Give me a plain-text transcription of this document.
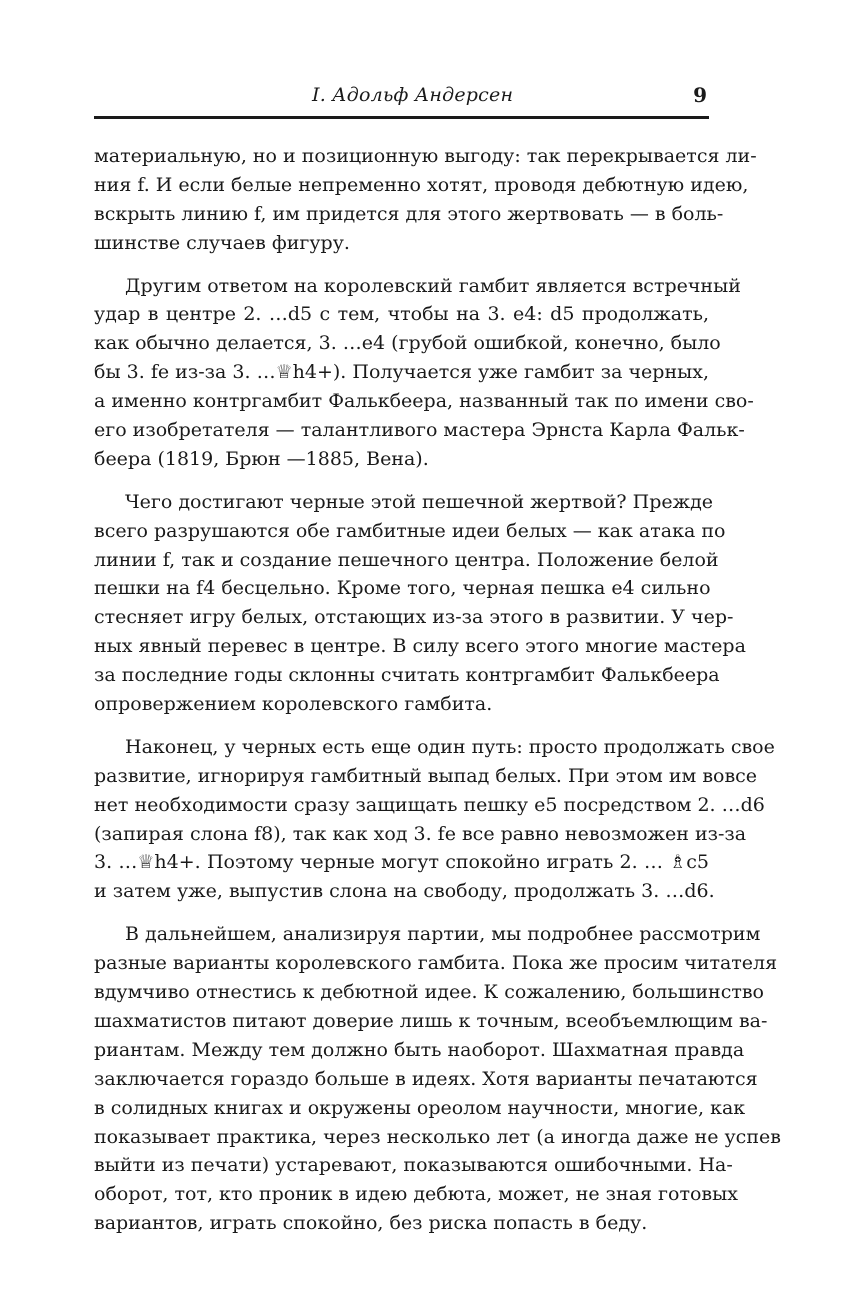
I. Адольф Андерсен	9

материальную, но и позиционную выгоду: так перекрывается ли-
ния f. И если белые непременно хотят, проводя дебютную идею,
вскрыть линию f, им придется для этого жертвовать — в боль-
шинстве случаев фигуру.

Другим ответом на королевский гамбит является встречный
удар в центре 2. …d5 с тем, чтобы на 3. e4: d5 продолжать,
как обычно делается, 3. …e4 (грубой ошибкой, конечно, было
бы 3. fe из-за 3. …♕h4+). Получается уже гамбит за черных,
а именно контргамбит Фалькбеера, названный так по имени сво-
его изобретателя — талантливого мастера Эрнста Карла Фальк-
беера (1819, Брюн —1885, Вена).

Чего достигают черные этой пешечной жертвой? Прежде
всего разрушаются обе гамбитные идеи белых — как атака по
линии f, так и создание пешечного центра. Положение белой
пешки на f4 бесцельно. Кроме того, черная пешка e4 сильно
стесняет игру белых, отстающих из-за этого в развитии. У чер-
ных явный перевес в центре. В силу всего этого многие мастера
за последние годы склонны считать контргамбит Фалькбеера
опровержением королевского гамбита.

Наконец, у черных есть еще один путь: просто продолжать свое
развитие, игнорируя гамбитный выпад белых. При этом им вовсе
нет необходимости сразу защищать пешку e5 посредством 2. …d6
(запирая слона f8), так как ход 3. fe все равно невозможен из-за
3. …♕h4+. Поэтому черные могут спокойно играть 2. … ♗c5
и затем уже, выпустив слона на свободу, продолжать 3. …d6.

В дальнейшем, анализируя партии, мы подробнее рассмотрим
разные варианты королевского гамбита. Пока же просим читателя
вдумчиво отнестись к дебютной идее. К сожалению, большинство
шахматистов питают доверие лишь к точным, всеобъемлющим ва-
риантам. Между тем должно быть наоборот. Шахматная правда
заключается гораздо больше в идеях. Хотя варианты печатаются
в солидных книгах и окружены ореолом научности, многие, как
показывает практика, через несколько лет (а иногда даже не успев
выйти из печати) устаревают, показываются ошибочными. На-
оборот, тот, кто проник в идею дебюта, может, не зная готовых
вариантов, играть спокойно, без риска попасть в беду.
